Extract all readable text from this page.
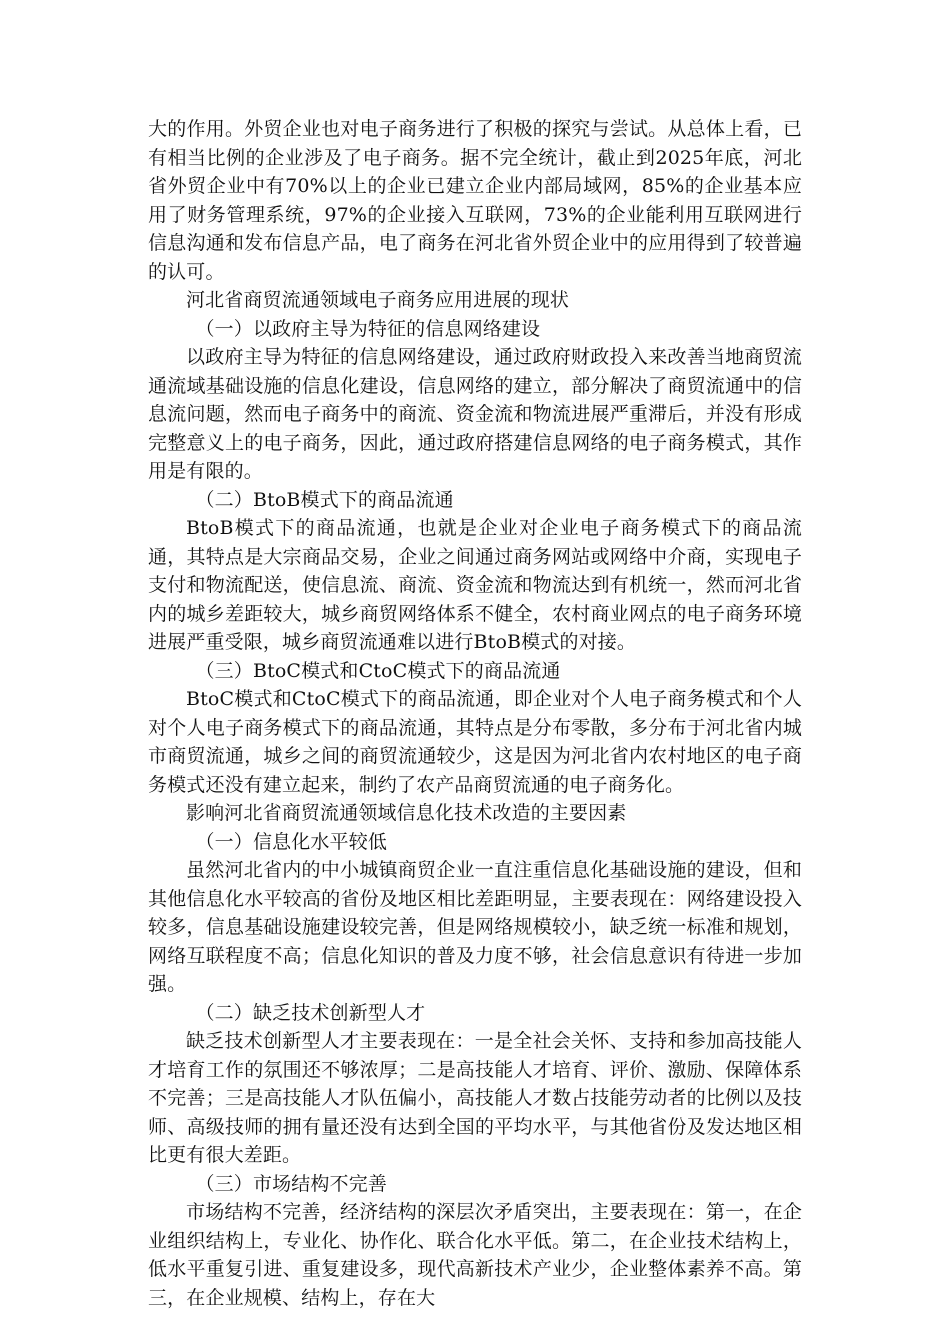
大的作用。外贸企业也对电子商务进行了积极的探究与尝试。从总体上看，已有相当比例的企业涉及了电子商务。据不完全统计，截止到2025年底，河北省外贸企业中有70%以上的企业已建立企业内部局域网，85%的企业基本应用了财务管理系统，97%的企业接入互联网，73%的企业能利用互联网进行信息沟通和发布信息产品，电了商务在河北省外贸企业中的应用得到了较普遍的认可。

河北省商贸流通领域电子商务应用进展的现状

（一）以政府主导为特征的信息网络建设

以政府主导为特征的信息网络建设，通过政府财政投入来改善当地商贸流通流域基础设施的信息化建设，信息网络的建立，部分解决了商贸流通中的信息流问题，然而电子商务中的商流、资金流和物流进展严重滞后，并没有形成完整意义上的电子商务，因此，通过政府搭建信息网络的电子商务模式，其作用是有限的。

（二）BtoB模式下的商品流通

BtoB模式下的商品流通，也就是企业对企业电子商务模式下的商品流通，其特点是大宗商品交易，企业之间通过商务网站或网络中介商，实现电子支付和物流配送，使信息流、商流、资金流和物流达到有机统一，然而河北省内的城乡差距较大，城乡商贸网络体系不健全，农村商业网点的电子商务环境进展严重受限，城乡商贸流通难以进行BtoB模式的对接。

（三）BtoC模式和CtoC模式下的商品流通

BtoC模式和CtoC模式下的商品流通，即企业对个人电子商务模式和个人对个人电子商务模式下的商品流通，其特点是分布零散，多分布于河北省内城市商贸流通，城乡之间的商贸流通较少，这是因为河北省内农村地区的电子商务模式还没有建立起来，制约了农产品商贸流通的电子商务化。

影响河北省商贸流通领域信息化技术改造的主要因素

（一）信息化水平较低

虽然河北省内的中小城镇商贸企业一直注重信息化基础设施的建设，但和其他信息化水平较高的省份及地区相比差距明显，主要表现在：网络建设投入较多，信息基础设施建设较完善，但是网络规模较小，缺乏统一标准和规划，网络互联程度不高；信息化知识的普及力度不够，社会信息意识有待进一步加强。

（二）缺乏技术创新型人才

缺乏技术创新型人才主要表现在：一是全社会关怀、支持和参加高技能人才培育工作的氛围还不够浓厚；二是高技能人才培育、评价、激励、保障体系不完善；三是高技能人才队伍偏小，高技能人才数占技能劳动者的比例以及技师、高级技师的拥有量还没有达到全国的平均水平，与其他省份及发达地区相比更有很大差距。

（三）市场结构不完善

市场结构不完善，经济结构的深层次矛盾突出，主要表现在：第一，在企业组织结构上，专业化、协作化、联合化水平低。第二，在企业技术结构上，低水平重复引进、重复建设多，现代高新技术产业少，企业整体素养不高。第三，在企业规模、结构上，存在大
